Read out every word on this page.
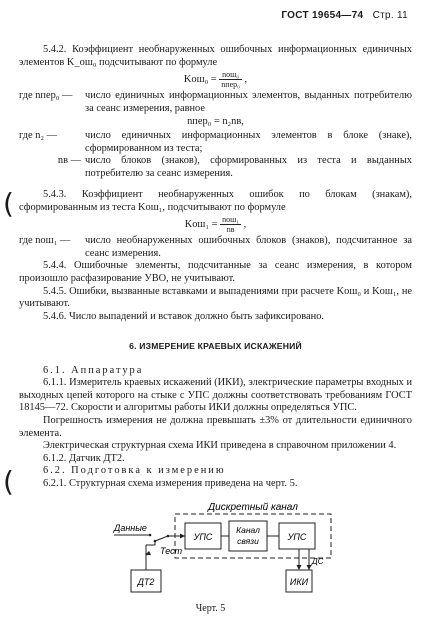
ГОСТ 19654—74 Стр. 11

5.4.2. Коэффициент необнаруженных ошибочных информационных единичных элементов K_ош₀ подсчитывают по формуле

$Kош_0 = \frac{\text{nош₀}}{\text{nпер₀}}$ ,
где nпер₀ —	число единичных информационных элементов, выданных потребителю за сеанс измерения, равное
nпер₀ = n₂nв,
где n₂ —	число единичных информационных элементов в блоке (знаке), сформированном из теста;
nв — число блоков (знаков), сформированных из теста и выданных потребителю за сеанс измерения.
(	5.4.3. Коэффициент необнаруженных ошибок по блокам (знакам), сформированным из теста Kош₁, подсчитывают по формуле

$Kош_1 = \frac{\text{nош₁}}{nв}$ ,
где nош₁ —	число необнаруженных ошибочных блоков (знаков), подсчитанное за сеанс измерения.

5.4.4. Ошибочные элементы, подсчитанные за сеанс измерения, в котором произошло расфазирование УВО, не учитывают.

5.4.5. Ошибки, вызванные вставками и выпадениями при расчете Kош₀ и Kош₁, не учитывают.

5.4.6. Число выпадений и вставок должно быть зафиксировано.

6. ИЗМЕРЕНИЕ КРАЕВЫХ ИСКАЖЕНИЙ

6.1. Аппаратура

6.1.1. Измеритель краевых искажений (ИКИ), электрические параметры входных и выходных цепей которого на стыке с УПС должны соответствовать требованиям ГОСТ 18145—72. Скорости и алгоритмы работы ИКИ должны определяться УПС.

Погрешность измерения не должна превышать ±3% от длительности единичного элемента.

Электрическая структурная схема ИКИ приведена в справочном приложении 4.

6.1.2. Датчик ДТ2.

6.2. Подготовка к измерению

6.2.1. Структурная схема измерения приведена на черт. 5.

(
Дискретный канал
УПС
Канал
связи	УПС
ДТ2	ИКИ
Данные
Тест
ДС
Черт. 5
